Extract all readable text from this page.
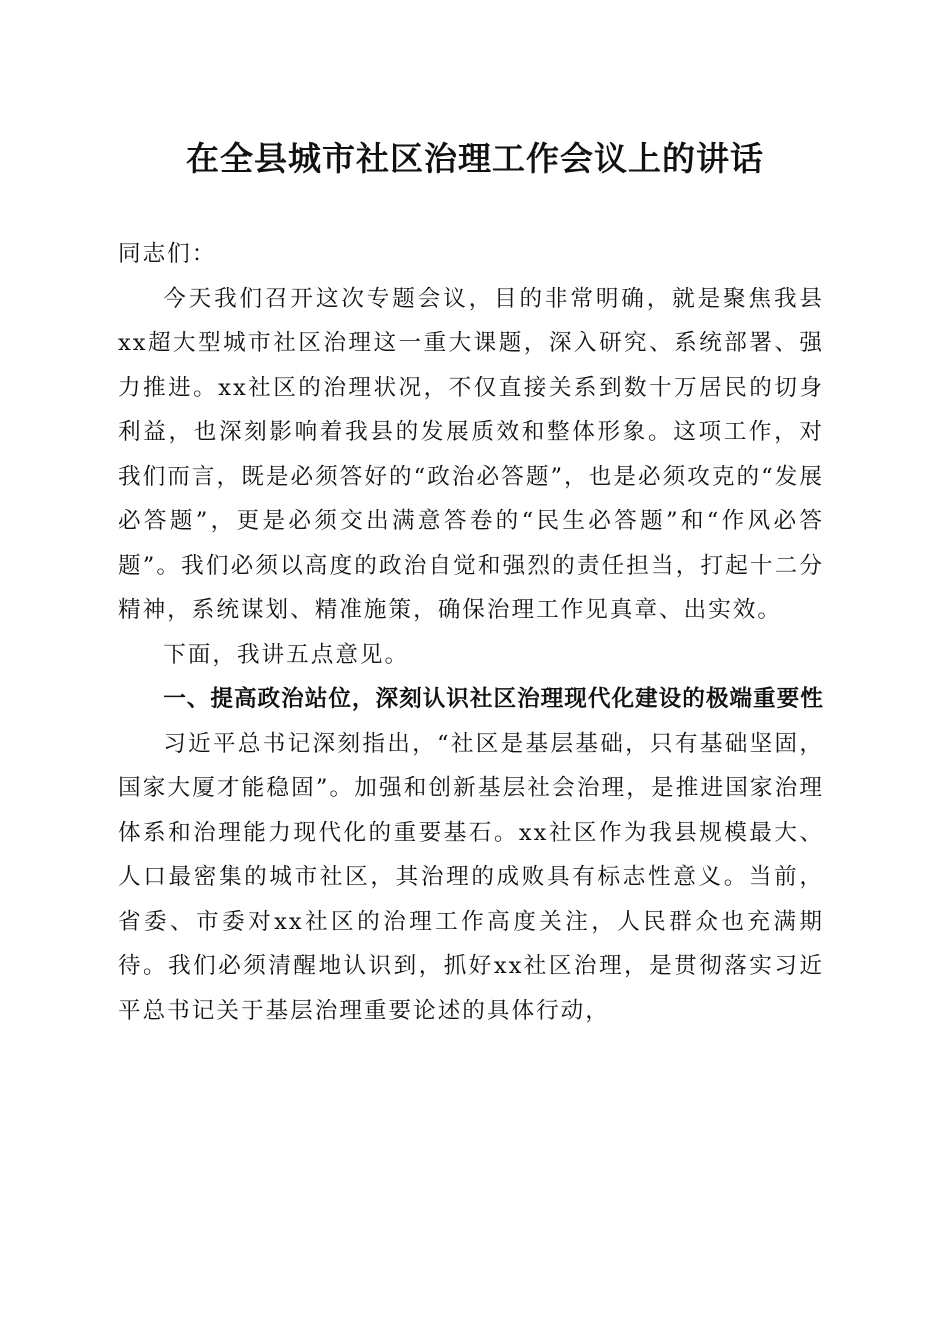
在全县城市社区治理工作会议上的讲话

同志们：

今天我们召开这次专题会议，目的非常明确，就是聚焦我县xx超大型城市社区治理这一重大课题，深入研究、系统部署、强力推进。xx社区的治理状况，不仅直接关系到数十万居民的切身利益，也深刻影响着我县的发展质效和整体形象。这项工作，对我们而言，既是必须答好的“政治必答题”，也是必须攻克的“发展必答题”，更是必须交出满意答卷的“民生必答题”和“作风必答题”。我们必须以高度的政治自觉和强烈的责任担当，打起十二分精神，系统谋划、精准施策，确保治理工作见真章、出实效。

下面，我讲五点意见。

一、提高政治站位，深刻认识社区治理现代化建设的极端重要性

习近平总书记深刻指出，“社区是基层基础，只有基础坚固，国家大厦才能稳固”。加强和创新基层社会治理，是推进国家治理体系和治理能力现代化的重要基石。xx社区作为我县规模最大、人口最密集的城市社区，其治理的成败具有标志性意义。当前，省委、市委对xx社区的治理工作高度关注，人民群众也充满期待。我们必须清醒地认识到，抓好xx社区治理，是贯彻落实习近平总书记关于基层治理重要论述的具体行动，
